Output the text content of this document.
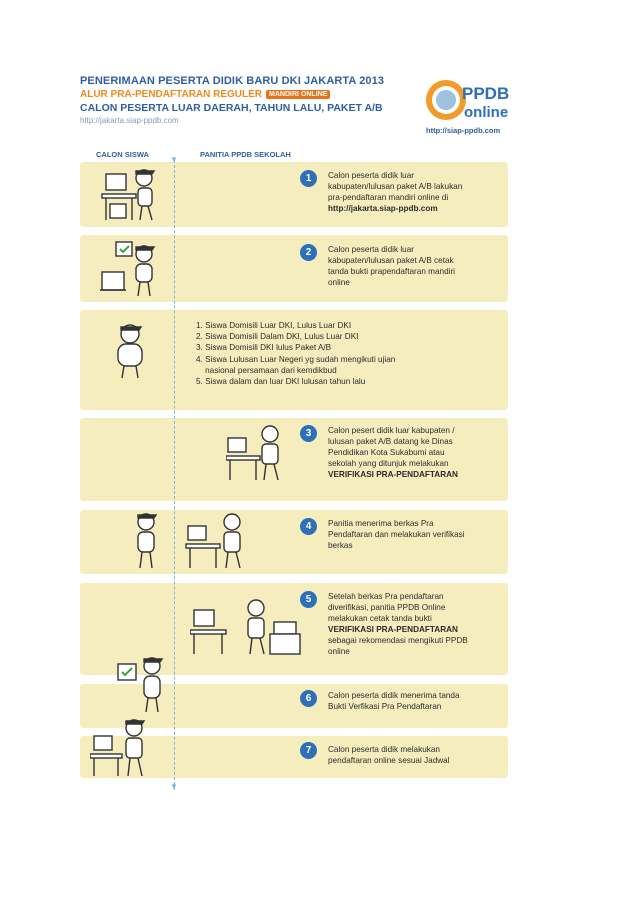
PENERIMAAN PESERTA DIDIK BARU DKI JAKARTA 2013
ALUR PRA-PENDAFTARAN REGULER MANDIRI ONLINE
CALON PESERTA LUAR DAERAH, TAHUN LALU, PAKET A/B
http://jakarta.siap-ppdb.com
PPDB
online
http://siap-ppdb.com
CALON SISWA	PANITIA PPDB SEKOLAH
▼
▼
1
2
3
4
5
6
7
Calon peserta didik luar
kabupaten/lulusan paket A/B lakukan
pra-pendaftaran mandiri online di
http://jakarta.siap-ppdb.com
Calon peserta didik luar
kabupaten/lulusan paket A/B cetak
tanda bukti prapendaftaran mandiri
online
Calon pesert didik luar kabupaten /
lulusan paket A/B datang ke Dinas
Pendidikan Kota Sukabumi atau
sekolah yang ditunjuk melakukan
VERIFIKASI PRA-PENDAFTARAN
Panitia menerima berkas Pra
Pendaftaran dan melakukan verifikasi
berkas
Setelah berkas Pra pendaftaran
diverifikasi, panitia PPDB Online
melakukan cetak tanda bukti
VERIFIKASI PRA-PENDAFTARAN
sebagai rekomendasi mengikuti PPDB
online
Calon peserta didik menerima tanda
Bukti Verfikasi Pra Pendaftaran
Calon peserta didik melakukan
pendaftaran online sesuai Jadwal
1. Siswa Domisili Luar DKI, Lulus Luar DKI
2. Siswa Domisili Dalam DKI, Lulus Luar DKI
3. Siswa Domisili DKI lulus Paket A/B
4. Siswa Lulusan Luar Negeri yg sudah mengikuti ujian
nasional persamaan dari kemdikbud
5. Siswa dalam dan luar DKI lulusan tahun lalu
